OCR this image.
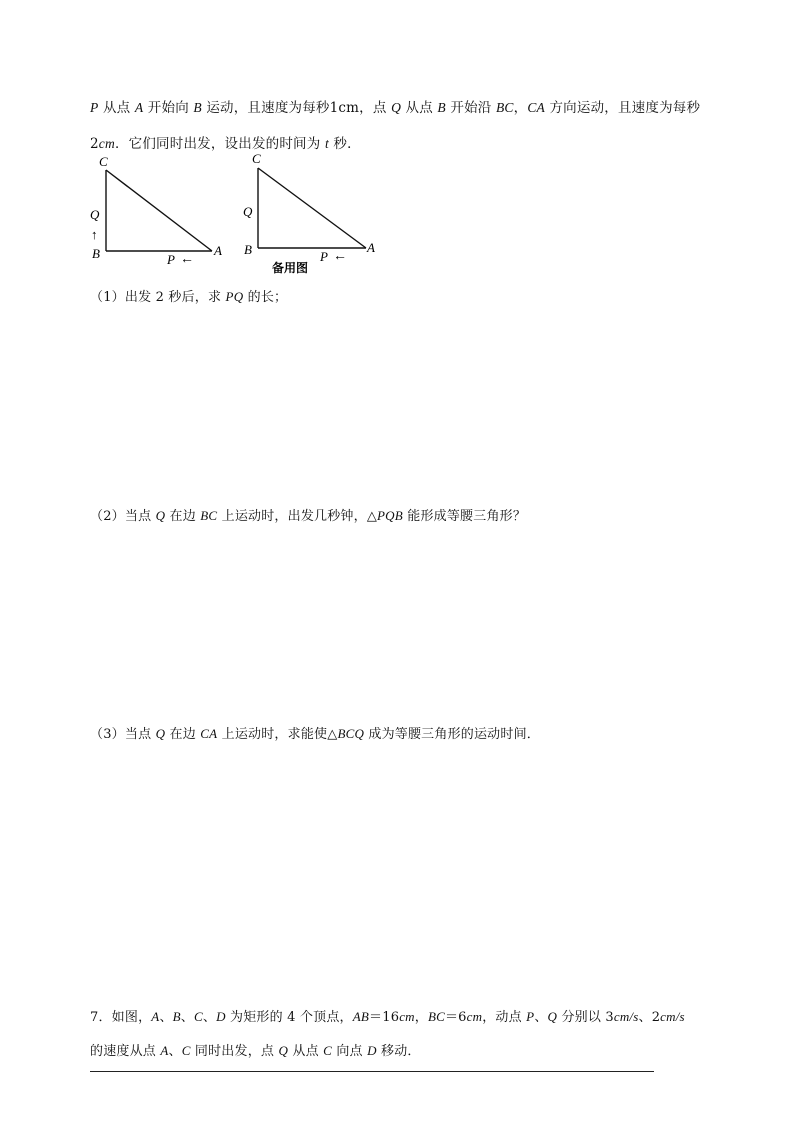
P 从点 A 开始向 B 运动，且速度为每秒1cm，点 Q 从点 B 开始沿 BC，CA 方向运动，且速度为每秒
2cm．它们同时出发，设出发的时间为 t 秒．
C
Q
↑
B	P ←
A
C
Q
B	P ←
A
备用图
（1）出发 2 秒后，求 PQ 的长；
（2）当点 Q 在边 BC 上运动时，出发几秒钟，△PQB 能形成等腰三角形？
（3）当点 Q 在边 CA 上运动时，求能使△BCQ 成为等腰三角形的运动时间．
7．如图，A、B、C、D 为矩形的 4 个顶点，AB＝16cm，BC＝6cm，动点 P、Q 分别以 3cm/s、2cm/s
的速度从点 A、C 同时出发，点 Q 从点 C 向点 D 移动．
